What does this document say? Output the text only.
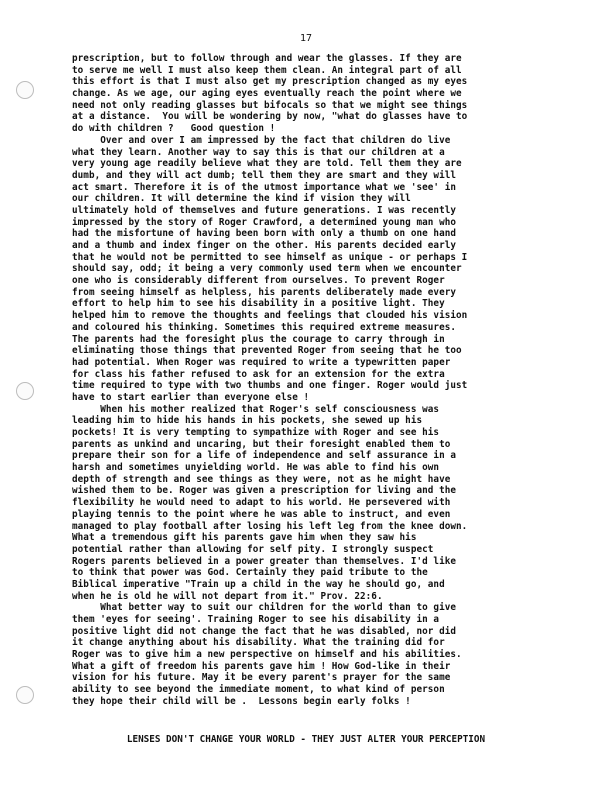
17
prescription, but to follow through and wear the glasses. If they are
to serve me well I must also keep them clean. An integral part of all
this effort is that I must also get my prescription changed as my eyes
change. As we age, our aging eyes eventually reach the point where we
need not only reading glasses but bifocals so that we might see things
at a distance.  You will be wondering by now, "what do glasses have to
do with children ?   Good question !
Over and over I am impressed by the fact that children do live
what they learn. Another way to say this is that our children at a
very young age readily believe what they are told. Tell them they are
dumb, and they will act dumb; tell them they are smart and they will
act smart. Therefore it is of the utmost importance what we 'see' in
our children. It will determine the kind if vision they will
ultimately hold of themselves and future generations. I was recently
impressed by the story of Roger Crawford, a determined young man who
had the misfortune of having been born with only a thumb on one hand
and a thumb and index finger on the other. His parents decided early
that he would not be permitted to see himself as unique - or perhaps I
should say, odd; it being a very commonly used term when we encounter
one who is considerably different from ourselves. To prevent Roger
from seeing himself as helpless, his parents deliberately made every
effort to help him to see his disability in a positive light. They
helped him to remove the thoughts and feelings that clouded his vision
and coloured his thinking. Sometimes this required extreme measures.
The parents had the foresight plus the courage to carry through in
eliminating those things that prevented Roger from seeing that he too
had potential. When Roger was required to write a typewritten paper
for class his father refused to ask for an extension for the extra
time required to type with two thumbs and one finger. Roger would just
have to start earlier than everyone else !
When his mother realized that Roger's self consciousness was
leading him to hide his hands in his pockets, she sewed up his
pockets! It is very tempting to sympathize with Roger and see his
parents as unkind and uncaring, but their foresight enabled them to
prepare their son for a life of independence and self assurance in a
harsh and sometimes unyielding world. He was able to find his own
depth of strength and see things as they were, not as he might have
wished them to be. Roger was given a prescription for living and the
flexibility he would need to adapt to his world. He persevered with
playing tennis to the point where he was able to instruct, and even
managed to play football after losing his left leg from the knee down.
What a tremendous gift his parents gave him when they saw his
potential rather than allowing for self pity. I strongly suspect
Rogers parents believed in a power greater than themselves. I'd like
to think that power was God. Certainly they paid tribute to the
Biblical imperative "Train up a child in the way he should go, and
when he is old he will not depart from it." Prov. 22:6.
What better way to suit our children for the world than to give
them 'eyes for seeing'. Training Roger to see his disability in a
positive light did not change the fact that he was disabled, nor did
it change anything about his disability. What the training did for
Roger was to give him a new perspective on himself and his abilities.
What a gift of freedom his parents gave him ! How God-like in their
vision for his future. May it be every parent's prayer for the same
ability to see beyond the immediate moment, to what kind of person
they hope their child will be .  Lessons begin early folks !
LENSES DON'T CHANGE YOUR WORLD - THEY JUST ALTER YOUR PERCEPTION
